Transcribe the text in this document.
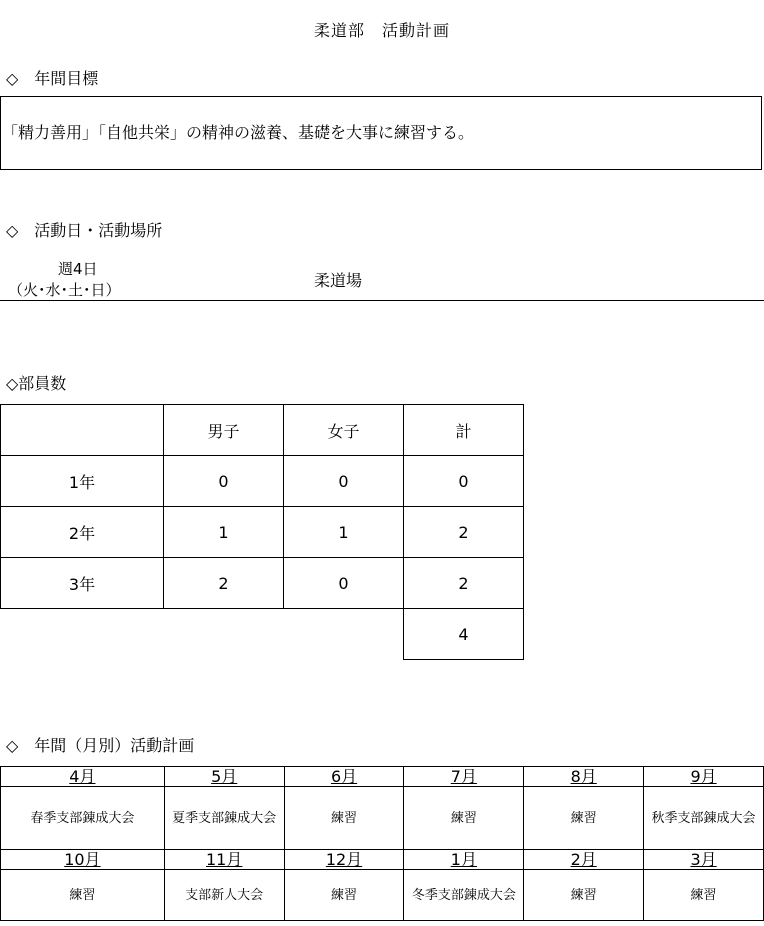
柔道部　活動計画
◇　年間目標
「精力善用」「自他共栄」の精神の滋養、基礎を大事に練習する。
◇　活動日・活動場所
週4日
（火･水･土･日）	柔道場
◇部員数
	男子	女子	計
1年	0	0	0
2年	1	1	2
3年	2	0	2
			4
◇　年間（月別）活動計画
4月	5月	6月	7月	8月	9月
春季支部錬成大会	夏季支部錬成大会	練習	練習	練習	秋季支部錬成大会
10月	11月	12月	1月	2月	3月
練習	支部新人大会	練習	冬季支部錬成大会	練習	練習
